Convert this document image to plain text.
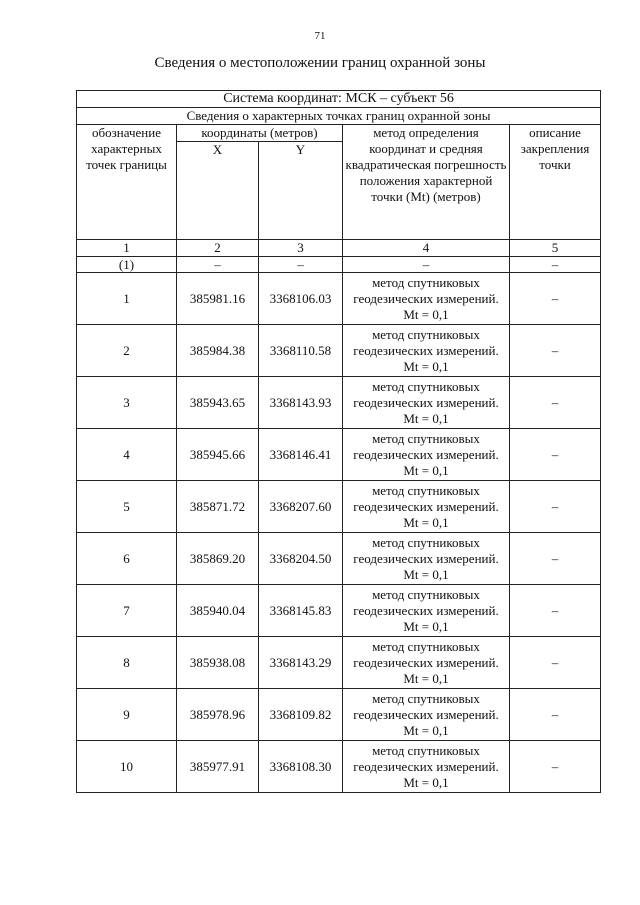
71
Сведения о местоположении границ охранной зоны
Система координат: МСК – субъект 56				
Сведения о характерных точках границ охранной зоны				
обозначение характерных точек границы	координаты (метров)		метод определения координат и средняя квадратическая погрешность положения характерной точки (Mt) (метров)	описание закрепления точки
	X	Y		
1	2	3	4	5
(1)	–	–	–	–
1	385981.16	3368106.03	метод спутниковых геодезических измерений. Mt = 0,1	–
2	385984.38	3368110.58	метод спутниковых геодезических измерений. Mt = 0,1	–
3	385943.65	3368143.93	метод спутниковых геодезических измерений. Mt = 0,1	–
4	385945.66	3368146.41	метод спутниковых геодезических измерений. Mt = 0,1	–
5	385871.72	3368207.60	метод спутниковых геодезических измерений. Mt = 0,1	–
6	385869.20	3368204.50	метод спутниковых геодезических измерений. Mt = 0,1	–
7	385940.04	3368145.83	метод спутниковых геодезических измерений. Mt = 0,1	–
8	385938.08	3368143.29	метод спутниковых геодезических измерений. Mt = 0,1	–
9	385978.96	3368109.82	метод спутниковых геодезических измерений. Mt = 0,1	–
10	385977.91	3368108.30	метод спутниковых геодезических измерений. Mt = 0,1	–
